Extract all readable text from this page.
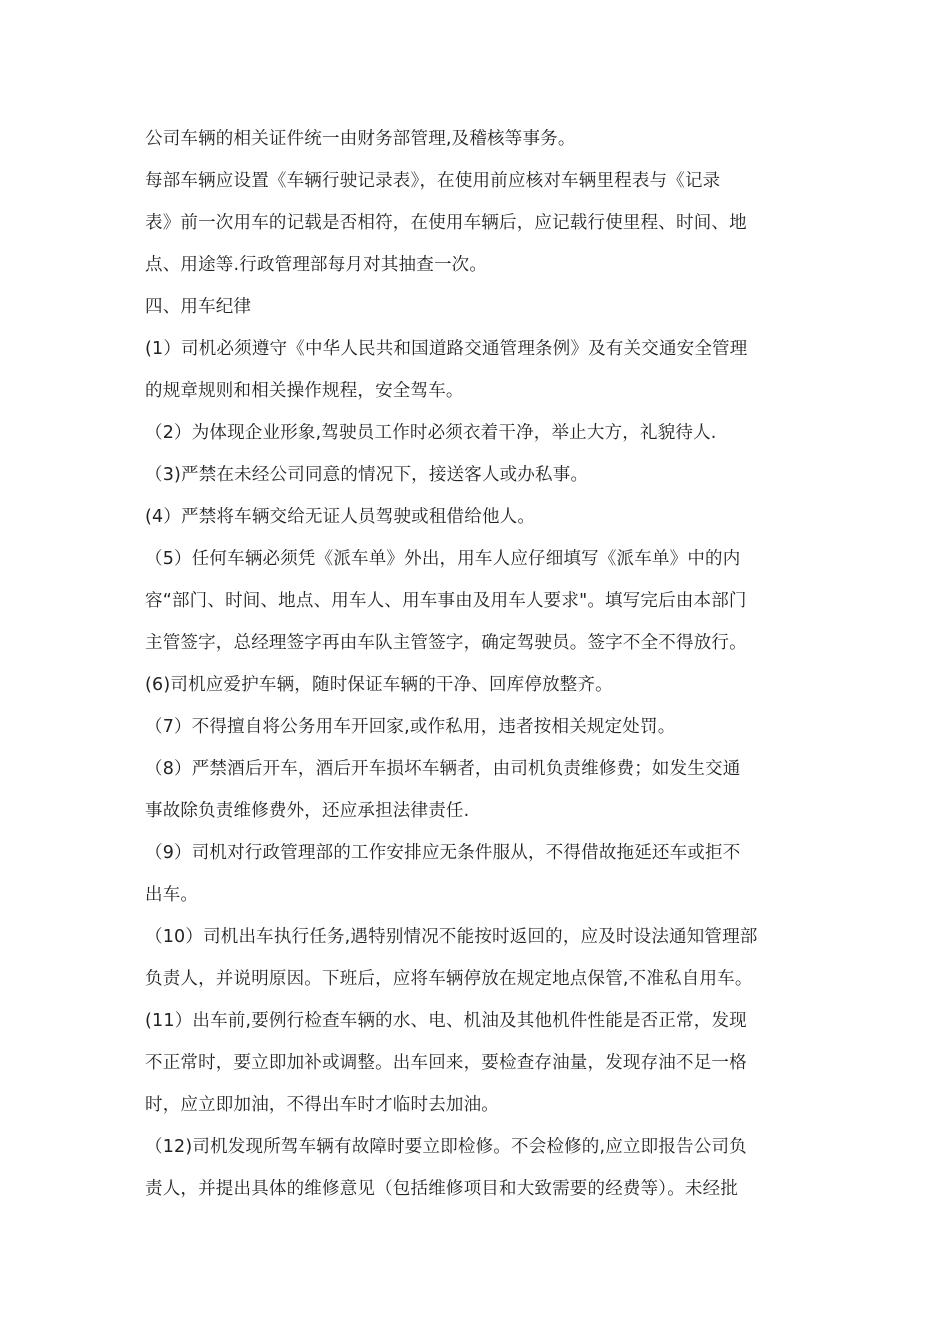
公司车辆的相关证件统一由财务部管理,及稽核等事务。
每部车辆应设置《车辆行驶记录表》，在使用前应核对车辆里程表与《记录
表》前一次用车的记载是否相符，在使用车辆后，应记载行使里程、时间、地
点、用途等.行政管理部每月对其抽查一次。
四、用车纪律
(1）司机必须遵守《中华人民共和国道路交通管理条例》及有关交通安全管理
的规章规则和相关操作规程，安全驾车。
（2）为体现企业形象,驾驶员工作时必须衣着干净，举止大方，礼貌待人.
（3)严禁在未经公司同意的情况下，接送客人或办私事。
(4）严禁将车辆交给无证人员驾驶或租借给他人。
（5）任何车辆必须凭《派车单》外出，用车人应仔细填写《派车单》中的内
容“部门、时间、地点、用车人、用车事由及用车人要求"。填写完后由本部门
主管签字，总经理签字再由车队主管签字，确定驾驶员。签字不全不得放行。
(6)司机应爱护车辆，随时保证车辆的干净、回库停放整齐。
（7）不得擅自将公务用车开回家,或作私用，违者按相关规定处罚。
（8）严禁酒后开车，酒后开车损坏车辆者，由司机负责维修费；如发生交通
事故除负责维修费外，还应承担法律责任.
（9）司机对行政管理部的工作安排应无条件服从，不得借故拖延还车或拒不
出车。
（10）司机出车执行任务,遇特别情况不能按时返回的，应及时设法通知管理部
负责人，并说明原因。下班后，应将车辆停放在规定地点保管,不准私自用车。
(11）出车前,要例行检查车辆的水、电、机油及其他机件性能是否正常，发现
不正常时，要立即加补或调整。出车回来，要检查存油量，发现存油不足一格
时，应立即加油，不得出车时才临时去加油。
（12)司机发现所驾车辆有故障时要立即检修。不会检修的,应立即报告公司负
责人，并提出具体的维修意见（包括维修项目和大致需要的经费等）。未经批
